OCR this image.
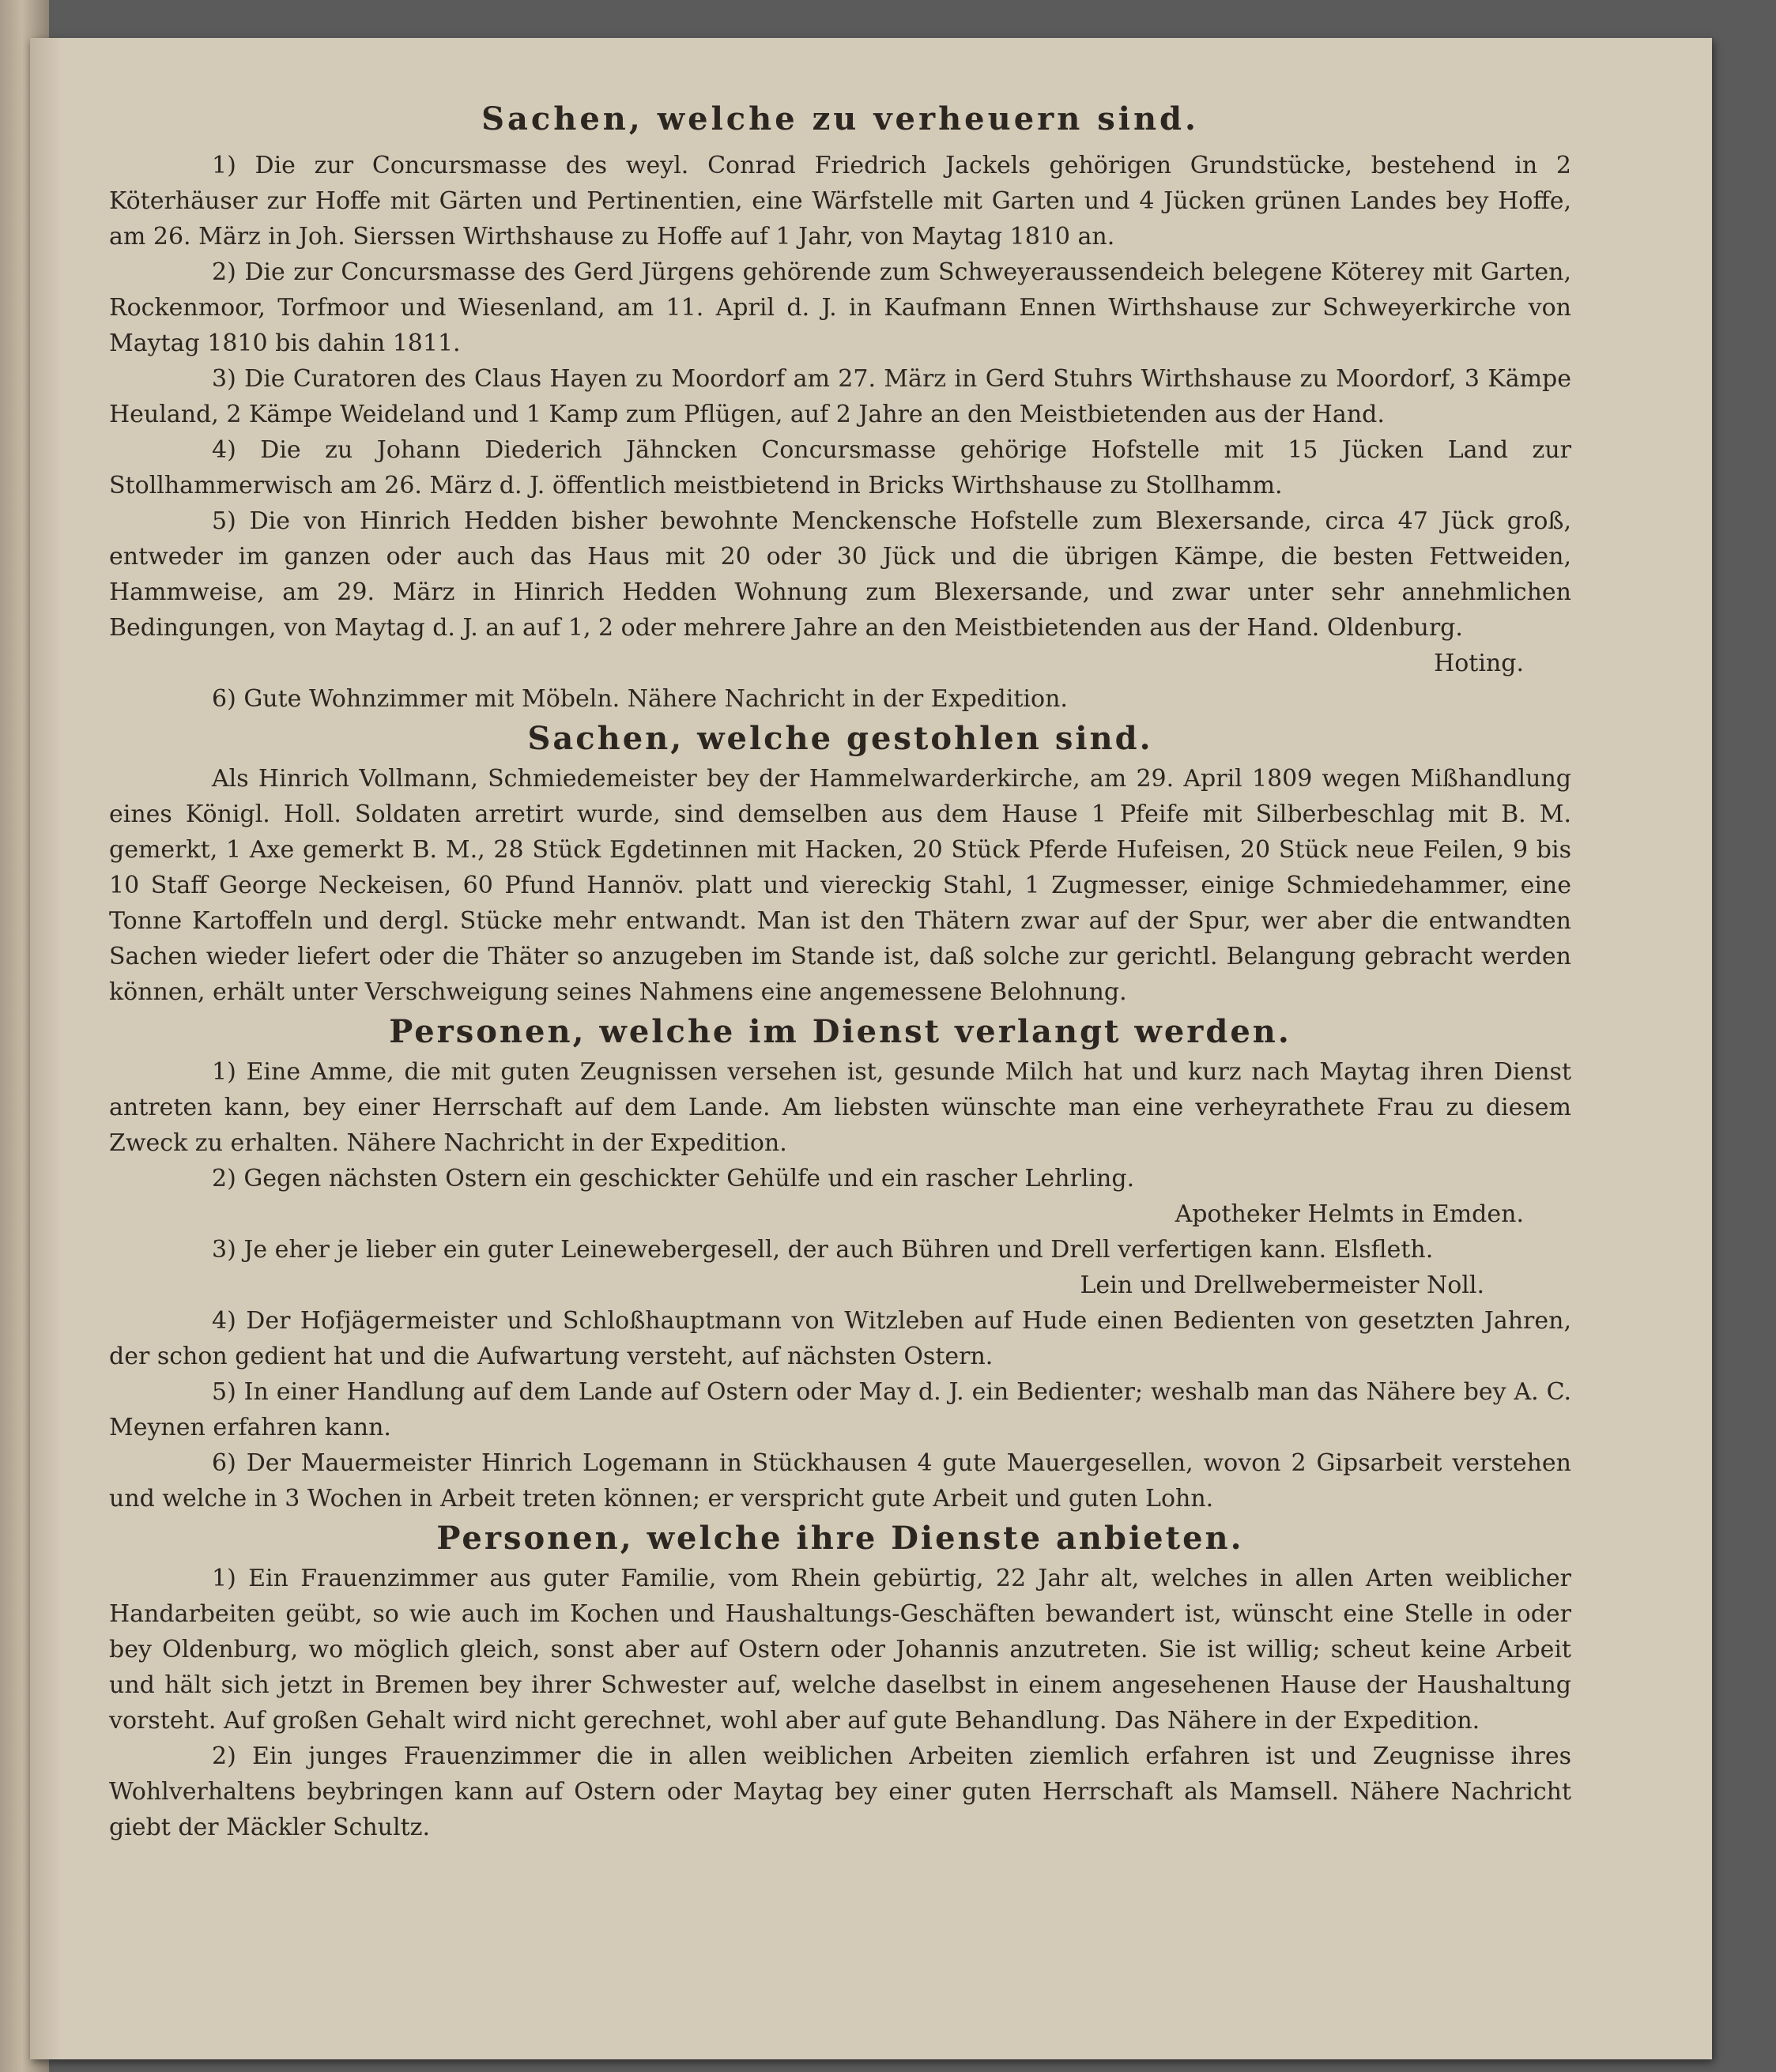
Sachen, welche zu verheuern sind.

1) Die zur Concursmasse des weyl. Conrad Friedrich Jackels gehörigen Grundstücke, bestehend in 2 Köterhäuser zur Hoffe mit Gärten und Pertinentien, eine Wärfstelle mit Garten und 4 Jücken grünen Landes bey Hoffe, am 26. März in Joh. Sierssen Wirthshause zu Hoffe auf 1 Jahr, von Maytag 1810 an.

2) Die zur Concursmasse des Gerd Jürgens gehörende zum Schweyeraussendeich belegene Köterey mit Garten, Rockenmoor, Torfmoor und Wiesenland, am 11. April d. J. in Kaufmann Ennen Wirthshause zur Schweyerkirche von Maytag 1810 bis dahin 1811.

3) Die Curatoren des Claus Hayen zu Moordorf am 27. März in Gerd Stuhrs Wirthshause zu Moordorf, 3 Kämpe Heuland, 2 Kämpe Weideland und 1 Kamp zum Pflügen, auf 2 Jahre an den Meistbietenden aus der Hand.

4) Die zu Johann Diederich Jähncken Concursmasse gehörige Hofstelle mit 15 Jücken Land zur Stollhammerwisch am 26. März d. J. öffentlich meistbietend in Bricks Wirthshause zu Stollhamm.

5) Die von Hinrich Hedden bisher bewohnte Menckensche Hofstelle zum Blexersande, circa 47 Jück groß, entweder im ganzen oder auch das Haus mit 20 oder 30 Jück und die übrigen Kämpe, die besten Fettweiden, Hammweise, am 29. März in Hinrich Hedden Wohnung zum Blexersande, und zwar unter sehr annehmlichen Bedingungen, von Maytag d. J. an auf 1, 2 oder mehrere Jahre an den Meistbietenden aus der Hand. Oldenburg.

Hoting.

6) Gute Wohnzimmer mit Möbeln. Nähere Nachricht in der Expedition.

Sachen, welche gestohlen sind.

Als Hinrich Vollmann, Schmiedemeister bey der Hammelwarderkirche, am 29. April 1809 wegen Mißhandlung eines Königl. Holl. Soldaten arretirt wurde, sind demselben aus dem Hause 1 Pfeife mit Silberbeschlag mit B. M. gemerkt, 1 Axe gemerkt B. M., 28 Stück Egdetinnen mit Hacken, 20 Stück Pferde Hufeisen, 20 Stück neue Feilen, 9 bis 10 Staff George Neckeisen, 60 Pfund Hannöv. platt und viereckig Stahl, 1 Zugmesser, einige Schmiedehammer, eine Tonne Kartoffeln und dergl. Stücke mehr entwandt. Man ist den Thätern zwar auf der Spur, wer aber die entwandten Sachen wieder liefert oder die Thäter so anzugeben im Stande ist, daß solche zur gerichtl. Belangung gebracht werden können, erhält unter Verschweigung seines Nahmens eine angemessene Belohnung.

Personen, welche im Dienst verlangt werden.

1) Eine Amme, die mit guten Zeugnissen versehen ist, gesunde Milch hat und kurz nach Maytag ihren Dienst antreten kann, bey einer Herrschaft auf dem Lande. Am liebsten wünschte man eine verheyrathete Frau zu diesem Zweck zu erhalten. Nähere Nachricht in der Expedition.

2) Gegen nächsten Ostern ein geschickter Gehülfe und ein rascher Lehrling.

Apotheker Helmts in Emden.

3) Je eher je lieber ein guter Leinewebergesell, der auch Bühren und Drell verfertigen kann. Elsfleth.

Lein und Drellwebermeister Noll.

4) Der Hofjägermeister und Schloßhauptmann von Witzleben auf Hude einen Bedienten von gesetzten Jahren, der schon gedient hat und die Aufwartung versteht, auf nächsten Ostern.

5) In einer Handlung auf dem Lande auf Ostern oder May d. J. ein Bedienter; weshalb man das Nähere bey A. C. Meynen erfahren kann.

6) Der Mauermeister Hinrich Logemann in Stückhausen 4 gute Mauergesellen, wovon 2 Gipsarbeit verstehen und welche in 3 Wochen in Arbeit treten können; er verspricht gute Arbeit und guten Lohn.

Personen, welche ihre Dienste anbieten.

1) Ein Frauenzimmer aus guter Familie, vom Rhein gebürtig, 22 Jahr alt, welches in allen Arten weiblicher Handarbeiten geübt, so wie auch im Kochen und Haushaltungs-Geschäften bewandert ist, wünscht eine Stelle in oder bey Oldenburg, wo möglich gleich, sonst aber auf Ostern oder Johannis anzutreten. Sie ist willig; scheut keine Arbeit und hält sich jetzt in Bremen bey ihrer Schwester auf, welche daselbst in einem angesehenen Hause der Haushaltung vorsteht. Auf großen Gehalt wird nicht gerechnet, wohl aber auf gute Behandlung. Das Nähere in der Expedition.

2) Ein junges Frauenzimmer die in allen weiblichen Arbeiten ziemlich erfahren ist und Zeugnisse ihres Wohlverhaltens beybringen kann auf Ostern oder Maytag bey einer guten Herrschaft als Mamsell. Nähere Nachricht giebt der Mäckler Schultz.
